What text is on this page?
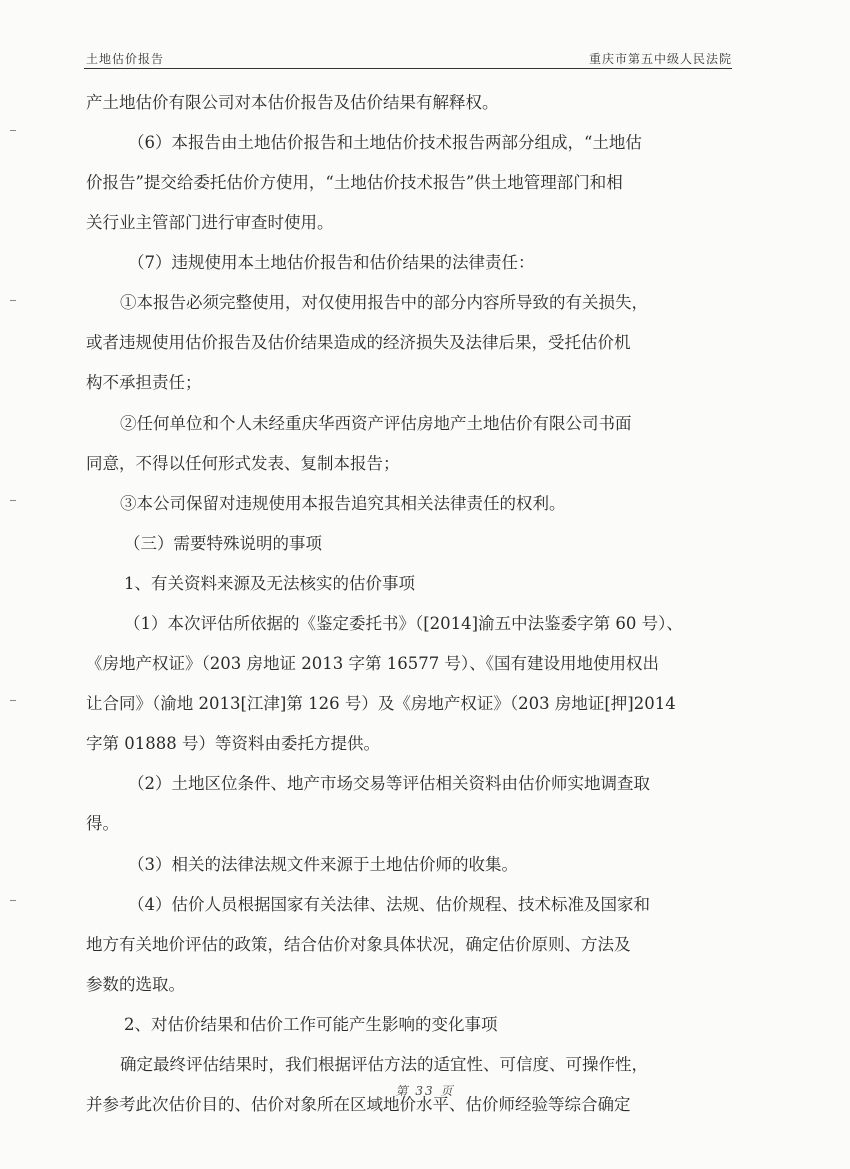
土地估价报告	重庆市第五中级人民法院
产土地估价有限公司对本估价报告及估价结果有解释权。
（6）本报告由土地估价报告和土地估价技术报告两部分组成，“土地估
价报告”提交给委托估价方使用，“土地估价技术报告”供土地管理部门和相
关行业主管部门进行审查时使用。
（7）违规使用本土地估价报告和估价结果的法律责任：
①本报告必须完整使用，对仅使用报告中的部分内容所导致的有关损失，
或者违规使用估价报告及估价结果造成的经济损失及法律后果，受托估价机
构不承担责任；
②任何单位和个人未经重庆华西资产评估房地产土地估价有限公司书面
同意，不得以任何形式发表、复制本报告；
③本公司保留对违规使用本报告追究其相关法律责任的权利。
（三）需要特殊说明的事项
1、有关资料来源及无法核实的估价事项
（1）本次评估所依据的《鉴定委托书》（[2014]渝五中法鉴委字第 60 号）、
《房地产权证》（203 房地证 2013 字第 16577 号）、《国有建设用地使用权出
让合同》（渝地 2013[江津]第 126 号）及《房地产权证》（203 房地证[押]2014
字第 01888 号）等资料由委托方提供。
（2）土地区位条件、地产市场交易等评估相关资料由估价师实地调查取
得。
（3）相关的法律法规文件来源于土地估价师的收集。
（4）估价人员根据国家有关法律、法规、估价规程、技术标准及国家和
地方有关地价评估的政策，结合估价对象具体状况，确定估价原则、方法及
参数的选取。
2、对估价结果和估价工作可能产生影响的变化事项
确定最终评估结果时，我们根据评估方法的适宜性、可信度、可操作性，
并参考此次估价目的、估价对象所在区域地价水平、估价师经验等综合确定
第 33 页
